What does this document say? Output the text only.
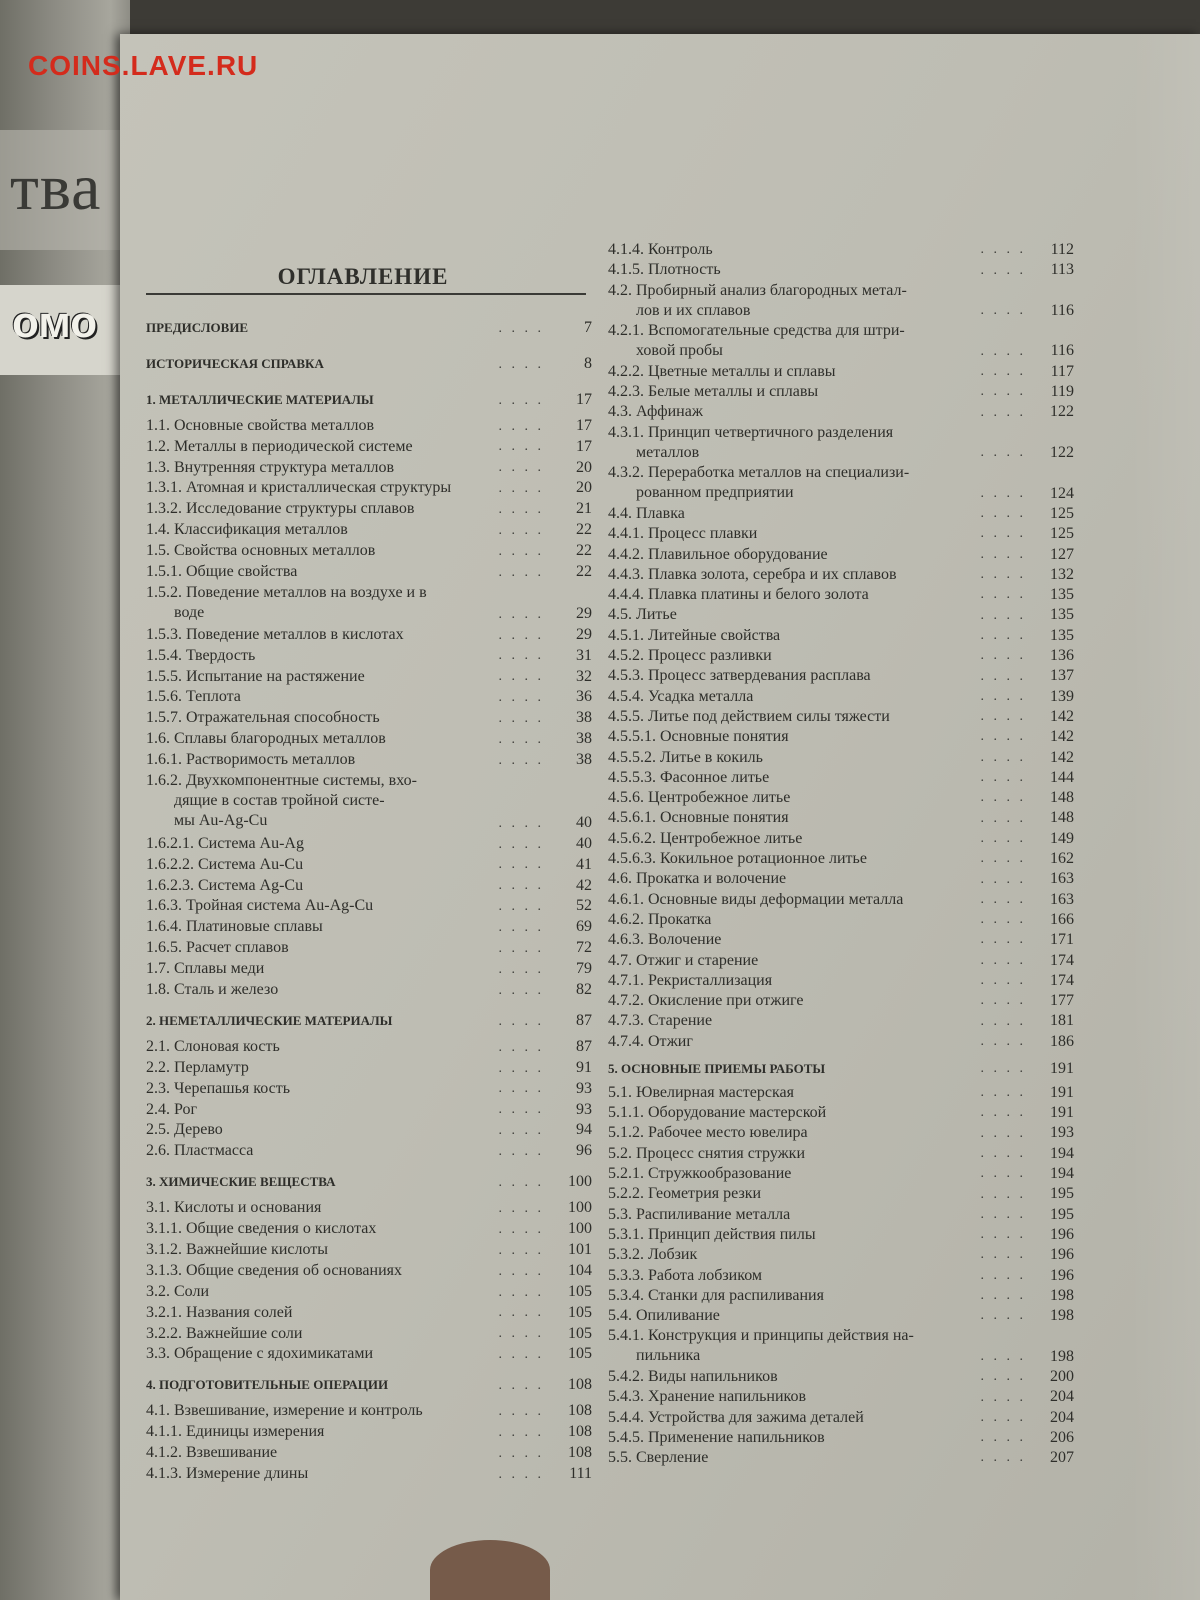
тва
омо
COINS.LAVE.RU
ОГЛАВЛЕНИЕ
ПРЕДИСЛОВИЕ	. . . .	7
ИСТОРИЧЕСКАЯ СПРАВКА	. . . .	8
1. МЕТАЛЛИЧЕСКИЕ МАТЕРИАЛЫ	. . . .	17
1.1. Основные свойства металлов	. . . .	17
1.2. Металлы в периодической системе	. . . .	17
1.3. Внутренняя структура металлов	. . . .	20
1.3.1. Атомная и кристаллическая структуры	. . . .	20
1.3.2. Исследование структуры сплавов	. . . .	21
1.4. Классификация металлов	. . . .	22
1.5. Свойства основных металлов	. . . .	22
1.5.1. Общие свойства	. . . .	22
1.5.2. Поведение металлов на воздухе и в
воде	. . . .	29
1.5.3. Поведение металлов в кислотах	. . . .	29
1.5.4. Твердость	. . . .	31
1.5.5. Испытание на растяжение	. . . .	32
1.5.6. Теплота	. . . .	36
1.5.7. Отражательная способность	. . . .	38
1.6. Сплавы благородных металлов	. . . .	38
1.6.1. Растворимость металлов	. . . .	38
1.6.2. Двухкомпонентные системы, вхо-
дящие в состав тройной систе-
мы Au-Ag-Cu	. . . .	40
1.6.2.1. Система Au-Ag	. . . .	40
1.6.2.2. Система Au-Cu	. . . .	41
1.6.2.3. Система Ag-Cu	. . . .	42
1.6.3. Тройная система Au-Ag-Cu	. . . .	52
1.6.4. Платиновые сплавы	. . . .	69
1.6.5. Расчет сплавов	. . . .	72
1.7. Сплавы меди	. . . .	79
1.8. Сталь и железо	. . . .	82
2. НЕМЕТАЛЛИЧЕСКИЕ МАТЕРИАЛЫ	. . . .	87
2.1. Слоновая кость	. . . .	87
2.2. Перламутр	. . . .	91
2.3. Черепашья кость	. . . .	93
2.4. Рог	. . . .	93
2.5. Дерево	. . . .	94
2.6. Пластмасса	. . . .	96
3. ХИМИЧЕСКИЕ ВЕЩЕСТВА	. . . .	100
3.1. Кислоты и основания	. . . .	100
3.1.1. Общие сведения о кислотах	. . . .	100
3.1.2. Важнейшие кислоты	. . . .	101
3.1.3. Общие сведения об основаниях	. . . .	104
3.2. Соли	. . . .	105
3.2.1. Названия солей	. . . .	105
3.2.2. Важнейшие соли	. . . .	105
3.3. Обращение с ядохимикатами	. . . .	105
4. ПОДГОТОВИТЕЛЬНЫЕ ОПЕРАЦИИ	. . . .	108
4.1. Взвешивание, измерение и контроль	. . . .	108
4.1.1. Единицы измерения	. . . .	108
4.1.2. Взвешивание	. . . .	108
4.1.3. Измерение длины	. . . .	111
4.1.4. Контроль	. . . .	112
4.1.5. Плотность	. . . .	113
4.2. Пробирный анализ благородных метал-
лов и их сплавов	. . . .	116
4.2.1. Вспомогательные средства для штри-
ховой пробы	. . . .	116
4.2.2. Цветные металлы и сплавы	. . . .	117
4.2.3. Белые металлы и сплавы	. . . .	119
4.3. Аффинаж	. . . .	122
4.3.1. Принцип четвертичного разделения
металлов	. . . .	122
4.3.2. Переработка металлов на специализи-
рованном предприятии	. . . .	124
4.4. Плавка	. . . .	125
4.4.1. Процесс плавки	. . . .	125
4.4.2. Плавильное оборудование	. . . .	127
4.4.3. Плавка золота, серебра и их сплавов	. . . .	132
4.4.4. Плавка платины и белого золота	. . . .	135
4.5. Литье	. . . .	135
4.5.1. Литейные свойства	. . . .	135
4.5.2. Процесс разливки	. . . .	136
4.5.3. Процесс затвердевания расплава	. . . .	137
4.5.4. Усадка металла	. . . .	139
4.5.5. Литье под действием силы тяжести	. . . .	142
4.5.5.1. Основные понятия	. . . .	142
4.5.5.2. Литье в кокиль	. . . .	142
4.5.5.3. Фасонное литье	. . . .	144
4.5.6. Центробежное литье	. . . .	148
4.5.6.1. Основные понятия	. . . .	148
4.5.6.2. Центробежное литье	. . . .	149
4.5.6.3. Кокильное ротационное литье	. . . .	162
4.6. Прокатка и волочение	. . . .	163
4.6.1. Основные виды деформации металла	. . . .	163
4.6.2. Прокатка	. . . .	166
4.6.3. Волочение	. . . .	171
4.7. Отжиг и старение	. . . .	174
4.7.1. Рекристаллизация	. . . .	174
4.7.2. Окисление при отжиге	. . . .	177
4.7.3. Старение	. . . .	181
4.7.4. Отжиг	. . . .	186
5. ОСНОВНЫЕ ПРИЕМЫ РАБОТЫ	. . . .	191
5.1. Ювелирная мастерская	. . . .	191
5.1.1. Оборудование мастерской	. . . .	191
5.1.2. Рабочее место ювелира	. . . .	193
5.2. Процесс снятия стружки	. . . .	194
5.2.1. Стружкообразование	. . . .	194
5.2.2. Геометрия резки	. . . .	195
5.3. Распиливание металла	. . . .	195
5.3.1. Принцип действия пилы	. . . .	196
5.3.2. Лобзик	. . . .	196
5.3.3. Работа лобзиком	. . . .	196
5.3.4. Станки для распиливания	. . . .	198
5.4. Опиливание	. . . .	198
5.4.1. Конструкция и принципы действия на-
пильника	. . . .	198
5.4.2. Виды напильников	. . . .	200
5.4.3. Хранение напильников	. . . .	204
5.4.4. Устройства для зажима деталей	. . . .	204
5.4.5. Применение напильников	. . . .	206
5.5. Сверление	. . . .	207
